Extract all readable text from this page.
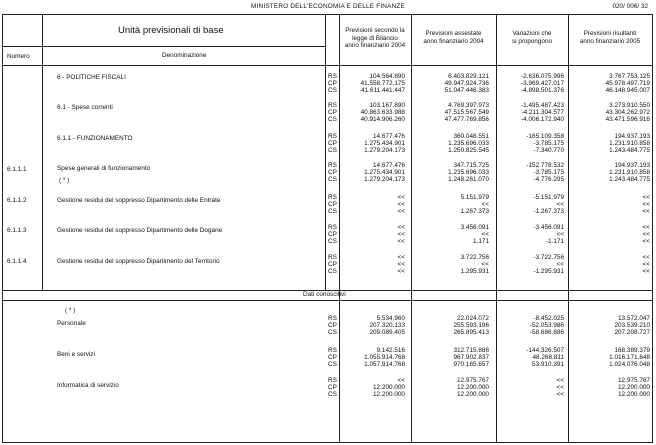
MINISTERO DELL'ECONOMIA E DELLE FINANZE	020/ 006/ 32
Unità previsionali di base
Numero	Denominazione
Previsioni secondo la
legge di Bilancio
anno finanziario 2004
Previsioni assestate
anno finanziario 2004
Variazioni che
si propongono
Previsioni risultanti
anno finanziario 2005
Dati conoscitivi
6 - POLITICHE FISCALI	RS	104.564.890	6.403.829.121	-2.636.075.996	3.767.753.125
CP	41.558.772.175	49.947.924.736	-3.969.427.017	45.978.497.719
CS	41.611.441.447	51.047.446.383	-4.898.501.376	46.148.945.007
6.1 - Spese correnti	RS	103.167.890	4.769.397.973	-1.495.487.423	3.273.910.550
CP	40.863.633.988	47.515.567.549	-4.211.304.577	43.304.262.972
CS	40.914.906.260	47.477.769.856	-4.006.172.940	43.471.596.916
6.1.1 - FUNZIONAMENTO	RS	14.677.476	360.048.551	-165.109.358	194.937.193
CP	1.275.434.901	1.235.696.033	-3.785.175	1.231.910.858
CS	1.279.204.173	1.250.825.545	-7.340.770	1.243.484.775
6.1.1.1	Spese generali di funzionamento
( * )
RS	14.677.476	347.715.725	-152.778.532	194.937.193
CP	1.275.434.901	1.235.696.033	-3.785.175	1.231.910.858
CS	1.279.204.173	1.248.261.070	-4.776.295	1.243.484.775
6.1.1.2	Gestione residui del soppresso Dipartimento delle Entrate	RS	<<	5.151.979	-5.151.979	<<
CP	<<	<<	<<	<<
CS	<<	1.267.373	-1.267.373	<<
6.1.1.3	Gestione residui del soppresso Dipartimento delle Dogane	RS	<<	3.456.091	-3.456.091	<<
CP	<<	<<	<<	<<
CS	<<	1.171	-1.171	<<
6.1.1.4	Gestione residui del soppresso Dipartimento del Territorio
RS	<<	3.722.756	-3.722.756	<<
CP	<<	<<	<<	<<
CS	<<	1.295.931	-1.295.931	<<
( * )
Personale
RS	5.534.960	22.024.072	-8.452.025	13.572.047
CP	207.320.133	255.593.196	-52.053.986	203.539.210
CS	209.089.405	265.895.413	-58.686.686	207.208.727
Beni e servizi
RS	9.142.516	312.715.886	-144.326.507	168.389.379
CP	1.055.914.768	967.902.837	48.268.811	1.016.171.648
CS	1.057.914.768	970.165.657	53.910.391	1.024.076.048
Informatica di servizio
RS	<<	12.975.767	<<	12.975.767
CP	12.200.000	12.200.000	<<	12.200.000
CS	12.200.000	12.200.000	<<	12.200.000
